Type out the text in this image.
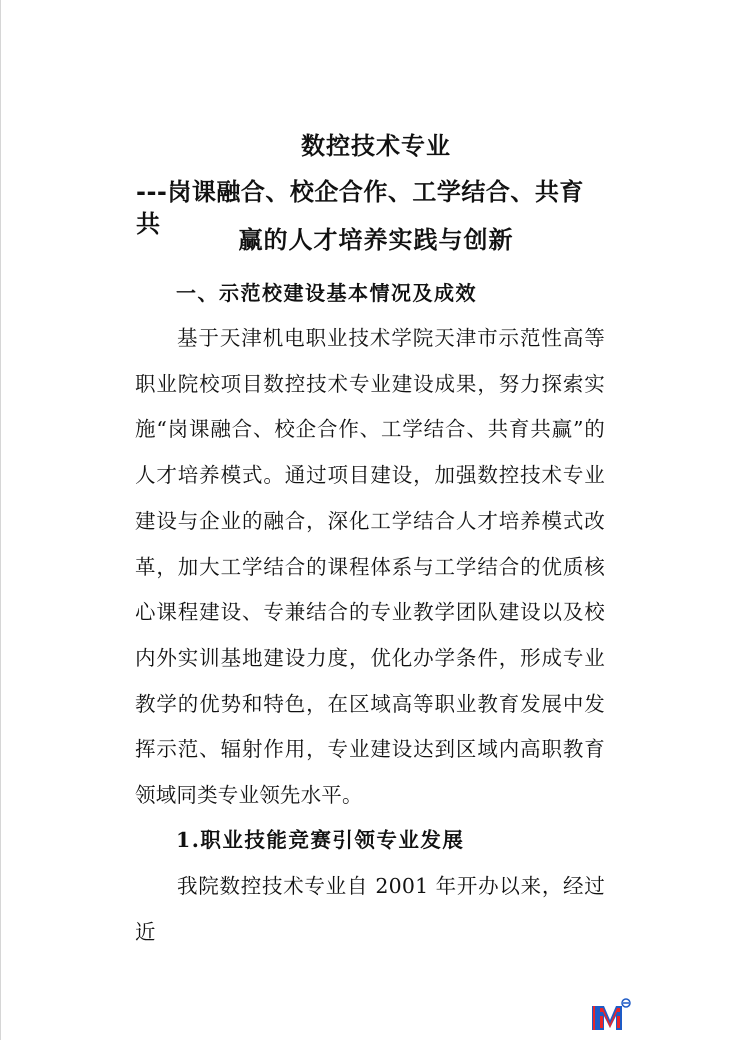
数控技术专业
---岗课融合、校企合作、工学结合、共育共
赢的人才培养实践与创新
一、示范校建设基本情况及成效

基于天津机电职业技术学院天津市示范性高等职业院校项目数控技术专业建设成果，努力探索实施“岗课融合、校企合作、工学结合、共育共赢”的人才培养模式。通过项目建设，加强数控技术专业建设与企业的融合，深化工学结合人才培养模式改革，加大工学结合的课程体系与工学结合的优质核心课程建设、专兼结合的专业教学团队建设以及校内外实训基地建设力度，优化办学条件，形成专业教学的优势和特色，在区域高等职业教育发展中发挥示范、辐射作用，专业建设达到区域内高职教育领域同类专业领先水平。

1.职业技能竞赛引领专业发展

我院数控技术专业自 2001 年开办以来，经过近
